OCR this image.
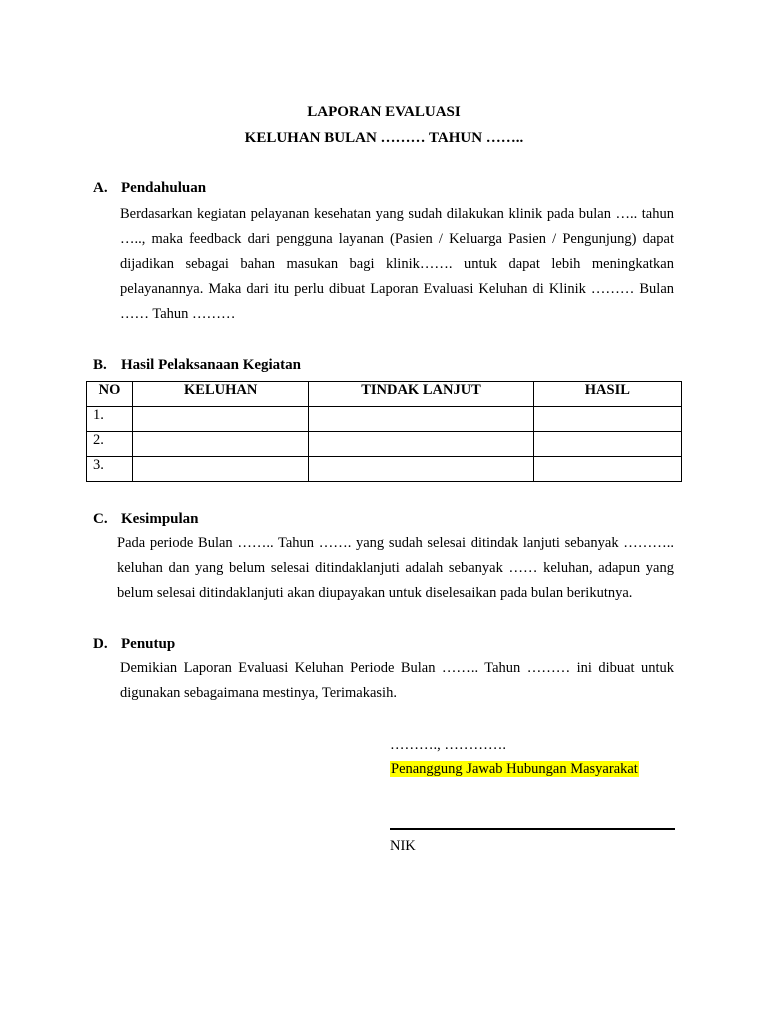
LAPORAN EVALUASI
KELUHAN BULAN ……… TAHUN ……..
A. Pendahuluan
Berdasarkan kegiatan pelayanan kesehatan yang sudah dilakukan klinik pada bulan ….. tahun ….., maka feedback dari pengguna layanan (Pasien / Keluarga Pasien / Pengunjung) dapat dijadikan sebagai bahan masukan bagi klinik……. untuk dapat lebih meningkatkan pelayanannya. Maka dari itu perlu dibuat Laporan Evaluasi Keluhan di Klinik ……… Bulan …… Tahun ………
B. Hasil Pelaksanaan Kegiatan
NO	KELUHAN	TINDAK LANJUT	HASIL
1.			
2.			
3.			
C. Kesimpulan
Pada periode Bulan …….. Tahun ……. yang sudah selesai ditindak lanjuti sebanyak ……….. keluhan dan yang belum selesai ditindaklanjuti adalah sebanyak …… keluhan, adapun yang belum selesai ditindaklanjuti akan diupayakan untuk diselesaikan pada bulan berikutnya.
D. Penutup
Demikian Laporan Evaluasi Keluhan Periode Bulan …….. Tahun ……… ini dibuat untuk digunakan sebagaimana mestinya, Terimakasih.
………., ………….
Penanggung Jawab Hubungan Masyarakat
NIK
